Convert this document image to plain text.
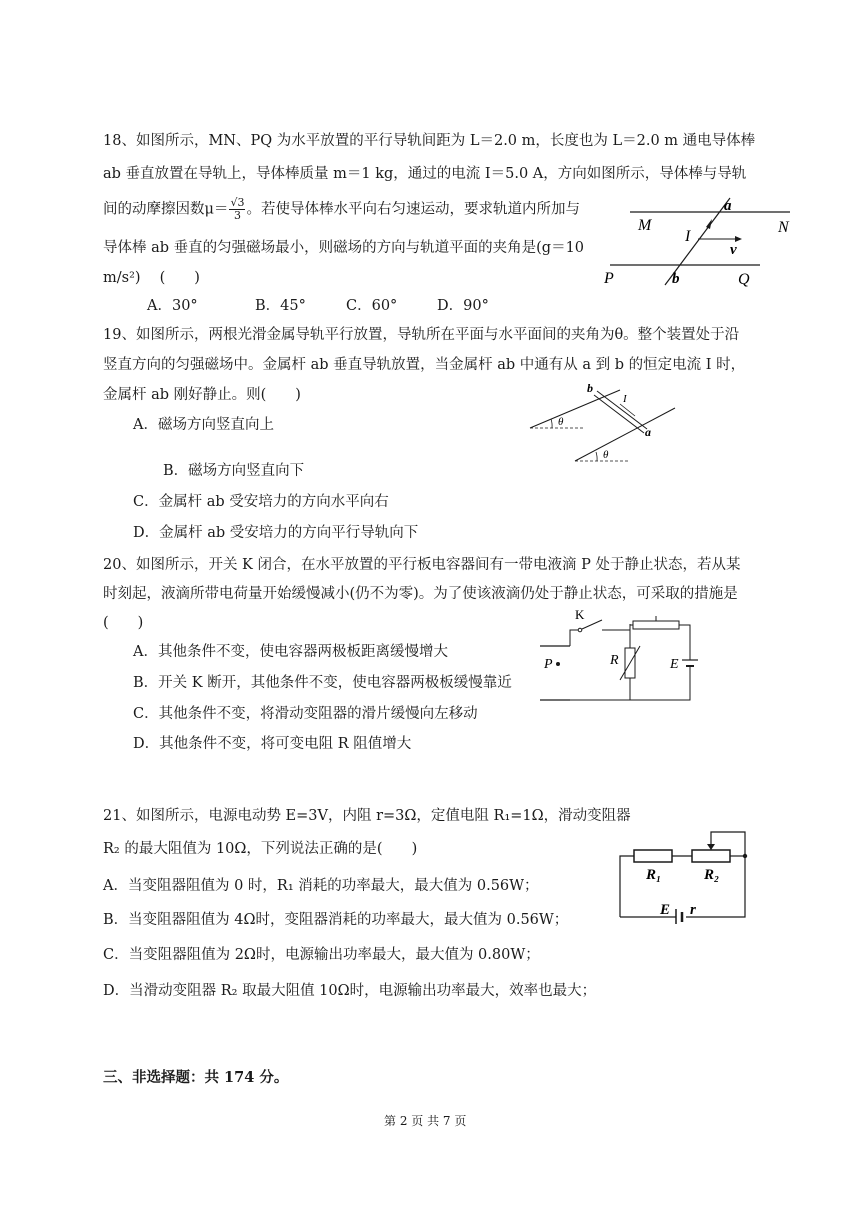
18、如图所示，MN、PQ 为水平放置的平行导轨间距为 L＝2.0 m，长度也为 L＝2.0 m 通电导体棒
ab 垂直放置在导轨上，导体棒质量 m＝1 kg，通过的电流 I＝5.0 A，方向如图所示，导体棒与导轨
间的动摩擦因数$\mu= \frac{√3}{3}$ 。若使导体棒水平向右匀速运动，要求轨道内所加与
导体棒 ab 垂直的匀强磁场最小，则磁场的方向与轨道平面的夹角是(g＝10
m/s²)　 (　　)
A．30°	B．45°	C．60°	D．90°
M	N
P	Q
a
b
I
v
19、如图所示，两根光滑金属导轨平行放置，导轨所在平面与水平面间的夹角为θ。整个装置处于沿
竖直方向的匀强磁场中。金属杆 ab 垂直导轨放置，当金属杆 ab 中通有从 a 到 b 的恒定电流 I 时，
金属杆 ab 刚好静止。则(　　)
A．磁场方向竖直向上
B．磁场方向竖直向下
C．金属杆 ab 受安培力的方向水平向右
D．金属杆 ab 受安培力的方向平行导轨向下
b
a
I
θ
θ
20、如图所示，开关 K 闭合，在水平放置的平行板电容器间有一带电液滴 P 处于静止状态，若从某
时刻起，液滴所带电荷量开始缓慢减小(仍不为零)。为了使该液滴仍处于静止状态，可采取的措施是
(　　)
A．其他条件不变，使电容器两极板距离缓慢增大
B．开关 K 断开，其他条件不变，使电容器两极板缓慢靠近
C．其他条件不变，将滑动变阻器的滑片缓慢向左移动
D．其他条件不变，将可变电阻 R 阻值增大
K
P	R	E
21、如图所示，电源电动势 E=3V，内阻 r=3Ω，定值电阻 R₁=1Ω，滑动变阻器
R₂ 的最大阻值为 10Ω，下列说法正确的是(　　)
A．当变阻器阻值为 0 时，R₁ 消耗的功率最大，最大值为 0.56W；
B．当变阻器阻值为 4Ω时，变阻器消耗的功率最大，最大值为 0.56W；
C．当变阻器阻值为 2Ω时，电源输出功率最大，最大值为 0.80W；
D．当滑动变阻器 R₂ 取最大阻值 10Ω时，电源输出功率最大，效率也最大；
R₁	R₂
E r
三、非选择题：共 174 分。
第 2 页 共 7 页
